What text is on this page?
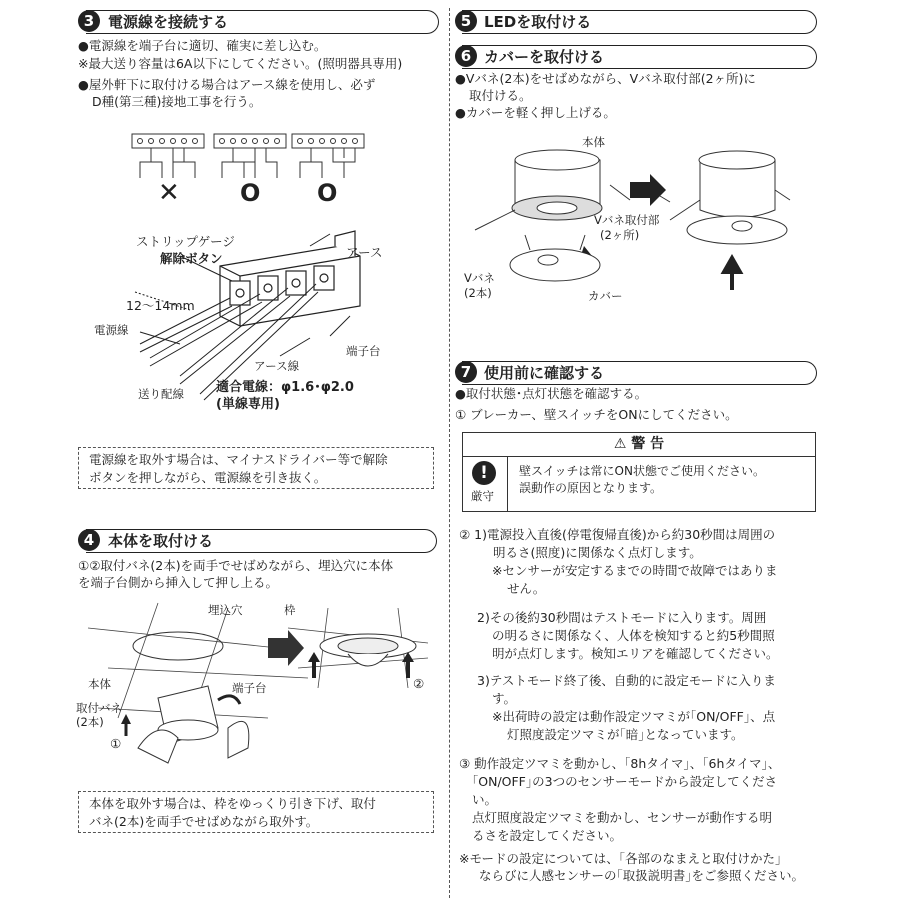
3 電源線を接続する
●電源線を端子台に適切、確実に差し込む。
※最大送り容量は6A以下にしてください。(照明器具専用)
●屋外軒下に取付ける場合はアース線を使用し、必ず
D種(第三種)接地工事を行う。
✕	O O
ストリップゲージ
解除ボタン	アース
12〜14mm
電源線
アース線
端子台
送り配線 適合電線：φ1.6･φ2.0
(単線専用)
電源線を取外す場合は、マイナスドライバー等で解除
ボタンを押しながら、電源線を引き抜く。
4 本体を取付ける
①②取付バネ(2本)を両手でせばめながら、埋込穴に本体
を端子台側から挿入して押し上る。
埋込穴	枠
本体	端子台
取付バネ
(2本)
①
②
本体を取外す場合は、枠をゆっくり引き下げ、取付
バネ(2本)を両手でせばめながら取外す。
5 LEDを取付ける
6 カバーを取付ける
●Vバネ(2本)をせばめながら、Vバネ取付部(2ヶ所)に
取付ける。
●カバーを軽く押し上げる。
本体
Vバネ取付部
(2ヶ所)
Vバネ
(2本)	カバー
7 使用前に確認する
●取付状態･点灯状態を確認する。
① ブレーカー、壁スイッチをONにしてください。
⚠ 警 告
!
厳守
壁スイッチは常にON状態でご使用ください。
誤動作の原因となります。
② 1)電源投入直後(停電復帰直後)から約30秒間は周囲の
明るさ(照度)に関係なく点灯します。
※センサーが安定するまでの時間で故障ではありま
せん。
2)その後約30秒間はテストモードに入ります。周囲
の明るさに関係なく、人体を検知すると約5秒間照
明が点灯します。検知エリアを確認してください。
3)テストモード終了後、自動的に設定モードに入りま
す。
※出荷時の設定は動作設定ツマミが｢ON/OFF｣、点
灯照度設定ツマミが｢暗｣となっています。
③ 動作設定ツマミを動かし、｢8hタイマ｣、｢6hタイマ｣、
｢ON/OFF｣の3つのセンサーモードから設定してくださ
い。
点灯照度設定ツマミを動かし、センサーが動作する明
るさを設定してください。
※モードの設定については、｢各部のなまえと取付けかた｣
ならびに人感センサーの｢取扱説明書｣をご参照ください。
